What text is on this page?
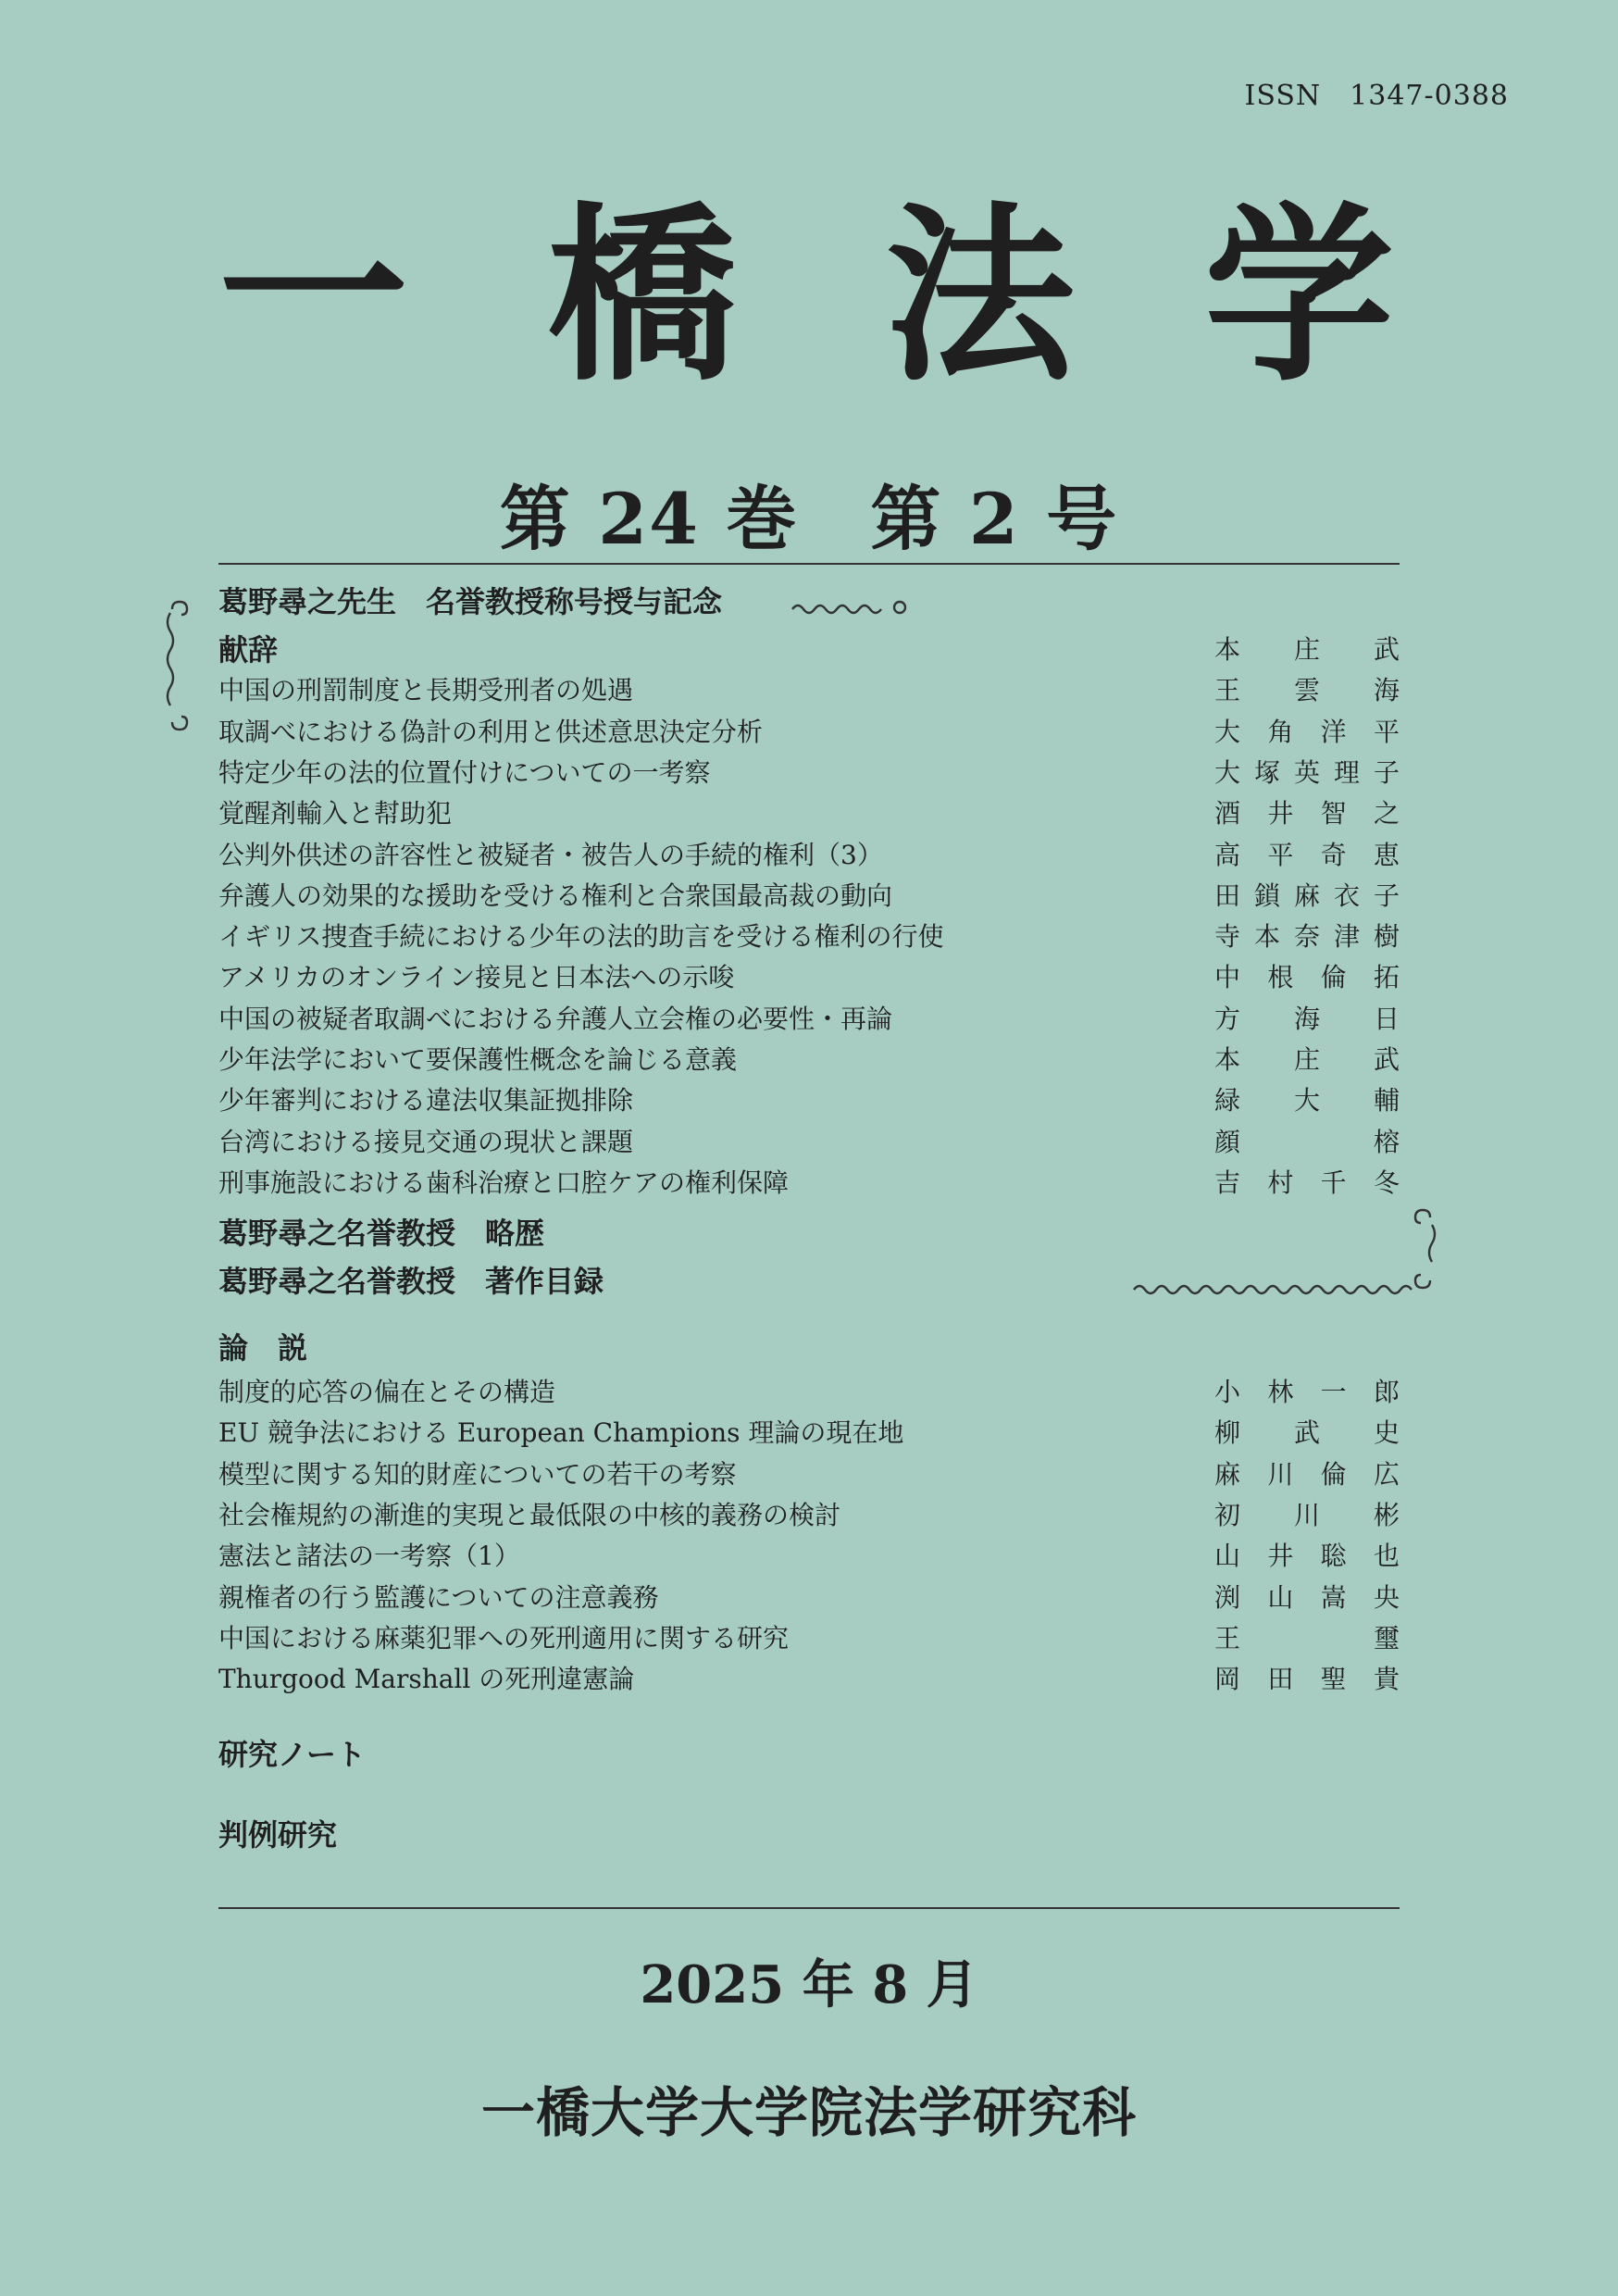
ISSN　1347-0388
一 橋 法 学
第 24 巻　第 2 号
葛野尋之先生　名誉教授称号授与記念
献辞	本 庄 武
中国の刑罰制度と長期受刑者の処遇	王 雲 海
取調べにおける偽計の利用と供述意思決定分析	大 角 洋 平
特定少年の法的位置付けについての一考察	大 塚 英 理 子
覚醒剤輸入と幇助犯	酒 井 智 之
公判外供述の許容性と被疑者・被告人の手続的権利（3）	高 平 奇 恵
弁護人の効果的な援助を受ける権利と合衆国最高裁の動向	田 鎖 麻 衣 子
イギリス捜査手続における少年の法的助言を受ける権利の行使	寺 本 奈 津 樹
アメリカのオンライン接見と日本法への示唆	中 根 倫 拓
中国の被疑者取調べにおける弁護人立会権の必要性・再論	方 海 日
少年法学において要保護性概念を論じる意義	本 庄 武
少年審判における違法収集証拠排除	緑 大 輔
台湾における接見交通の現状と課題	顔	榕
刑事施設における歯科治療と口腔ケアの権利保障	吉 村 千 冬
葛野尋之名誉教授　略歴
葛野尋之名誉教授　著作目録
論　説
制度的応答の偏在とその構造	小 林 一 郎
EU 競争法における European Champions 理論の現在地	柳 武 史
模型に関する知的財産についての若干の考察	麻 川 倫 広
社会権規約の漸進的実現と最低限の中核的義務の検討	初 川 彬
憲法と諸法の一考察（1）	山 井 聡 也
親権者の行う監護についての注意義務	渕 山 嵩 央
中国における麻薬犯罪への死刑適用に関する研究	王	璽
Thurgood Marshall の死刑違憲論	岡 田 聖 貴
研究ノート
判例研究
2025 年 8 月
一橋大学大学院法学研究科
